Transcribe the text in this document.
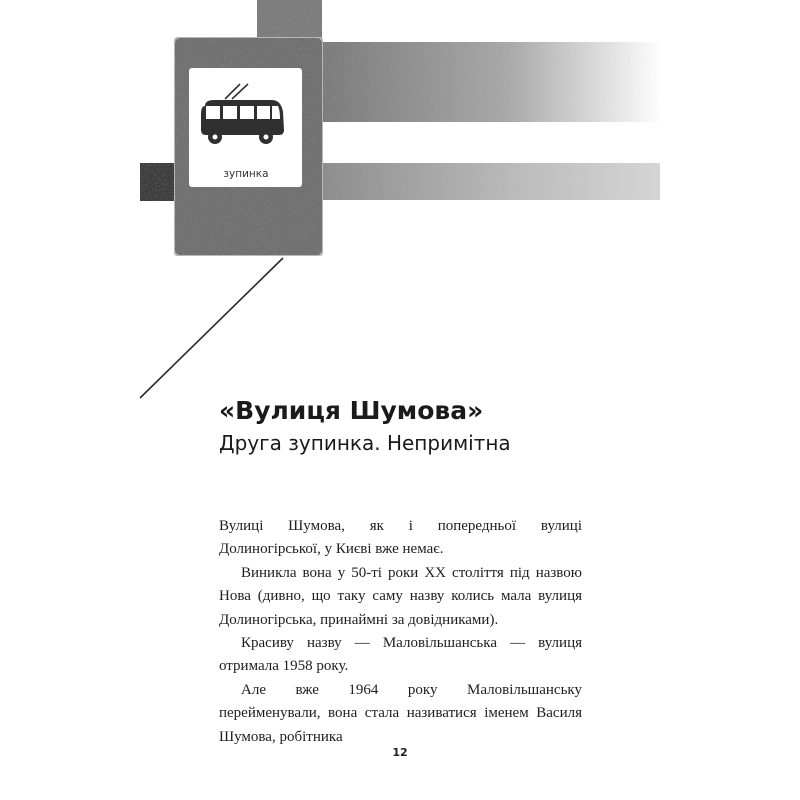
зупинка
«Вулиця Шумова»
Друга зупинка. Непримітна

Вулиці Шумова, як і попередньої вулиці Долиногірської, у Києві вже немає.

Виникла вона у 50-ті роки ХХ століття під назвою Нова (дивно, що таку саму назву колись мала вулиця Долиногірська, принаймні за довідниками).

Красиву назву — Маловільшанська — вулиця отримала 1958 року.

Але вже 1964 року Маловільшанську перейменували, вона стала називатися іменем Василя Шумова, робітника

12
